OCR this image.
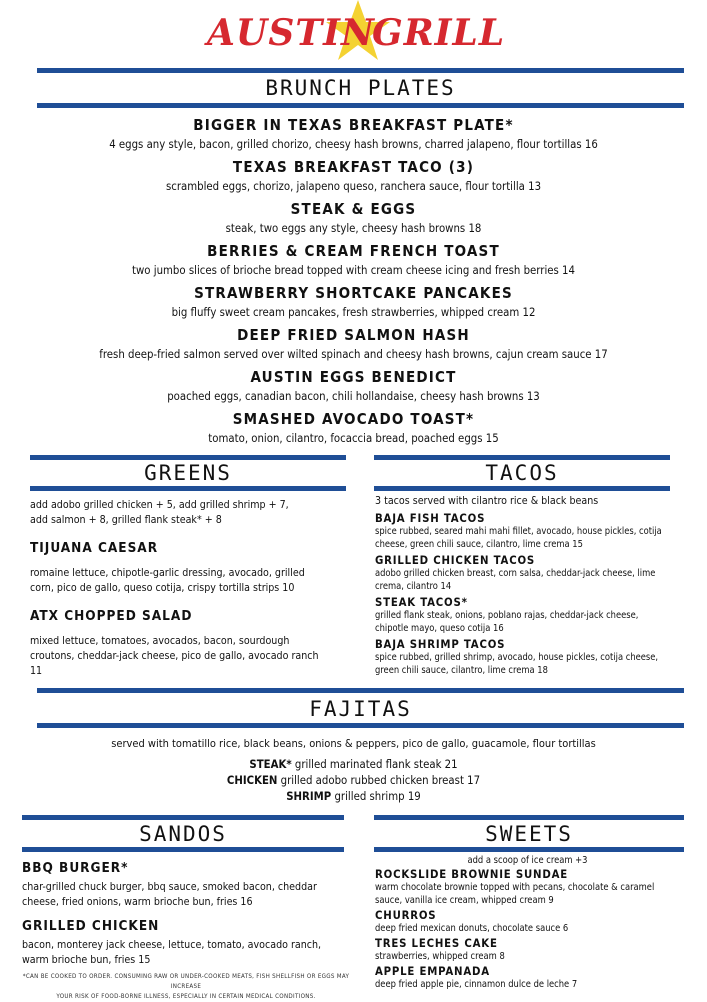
AUSTIN
GRILL
BRUNCH PLATES
BIGGER IN TEXAS BREAKFAST PLATE*
4 eggs any style, bacon, grilled chorizo, cheesy hash browns, charred jalapeno, flour tortillas 16
TEXAS BREAKFAST TACO (3)
scrambled eggs, chorizo, jalapeno queso, ranchera sauce, flour tortilla 13
STEAK & EGGS
steak, two eggs any style, cheesy hash browns 18
BERRIES & CREAM FRENCH TOAST
two jumbo slices of brioche bread topped with cream cheese icing and fresh berries 14
STRAWBERRY SHORTCAKE PANCAKES
big fluffy sweet cream pancakes, fresh strawberries, whipped cream 12
DEEP FRIED SALMON HASH
fresh deep-fried salmon served over wilted spinach and cheesy hash browns, cajun cream sauce 17
AUSTIN EGGS BENEDICT
poached eggs, canadian bacon, chili hollandaise, cheesy hash browns 13
SMASHED AVOCADO TOAST*
tomato, onion, cilantro, focaccia bread, poached eggs 15
GREENS	TACOS
add adobo grilled chicken + 5, add grilled shrimp + 7,
add salmon + 8, grilled flank steak* + 8
TIJUANA CAESAR
romaine lettuce, chipotle-garlic dressing, avocado, grilled corn, pico de gallo, queso cotija, crispy tortilla strips 10
ATX CHOPPED SALAD
mixed lettuce, tomatoes, avocados, bacon, sourdough croutons, cheddar-jack cheese, pico de gallo, avocado ranch 11
3 tacos served with cilantro rice & black beans
BAJA FISH TACOS
spice rubbed, seared mahi mahi fillet, avocado, house pickles, cotija cheese, green chili sauce, cilantro, lime crema 15
GRILLED CHICKEN TACOS
adobo grilled chicken breast, corn salsa, cheddar-jack cheese, lime crema, cilantro 14
STEAK TACOS*
grilled flank steak, onions, poblano rajas, cheddar-jack cheese, chipotle mayo, queso cotija 16
BAJA SHRIMP TACOS
spice rubbed, grilled shrimp, avocado, house pickles, cotija cheese, green chili sauce, cilantro, lime crema 18
FAJITAS
served with tomatillo rice, black beans, onions & peppers, pico de gallo, guacamole, flour tortillas
STEAK* grilled marinated flank steak 21
CHICKEN grilled adobo rubbed chicken breast 17
SHRIMP grilled shrimp 19
SANDOS	SWEETS
BBQ BURGER*
char-grilled chuck burger, bbq sauce, smoked bacon, cheddar cheese, fried onions, warm brioche bun, fries 16
GRILLED CHICKEN
bacon, monterey jack cheese, lettuce, tomato, avocado ranch, warm brioche bun, fries 15
*CAN BE COOKED TO ORDER. CONSUMING RAW OR UNDER-COOKED MEATS, FISH SHELLFISH OR EGGS MAY INCREASE
YOUR RISK OF FOOD-BORNE ILLNESS, ESPECIALLY IN CERTAIN MEDICAL CONDITIONS.
add a scoop of ice cream +3
ROCKSLIDE BROWNIE SUNDAE
warm chocolate brownie topped with pecans, chocolate & caramel sauce, vanilla ice cream, whipped cream 9
CHURROS
deep fried mexican donuts, chocolate sauce 6
TRES LECHES CAKE
strawberries, whipped cream 8
APPLE EMPANADA
deep fried apple pie, cinnamon dulce de leche 7
